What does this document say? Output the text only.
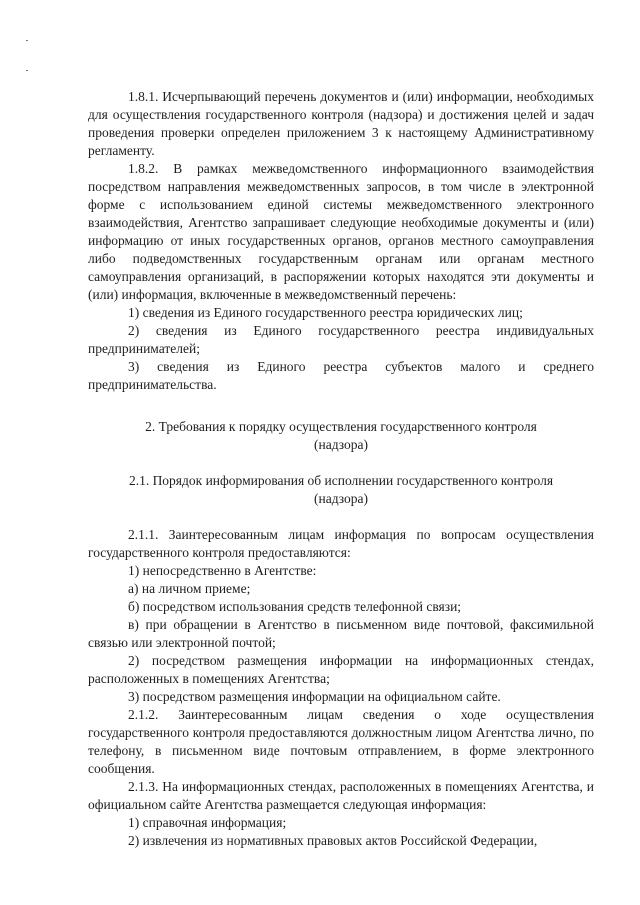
1.8.1. Исчерпывающий перечень документов и (или) информации, необходимых для осуществления государственного контроля (надзора) и достижения целей и задач проведения проверки определен приложением 3 к настоящему Административному регламенту.

1.8.2. В рамках межведомственного информационного взаимодействия посредством направления межведомственных запросов, в том числе в электронной форме с использованием единой системы межведомственного электронного взаимодействия, Агентство запрашивает следующие необходимые документы и (или) информацию от иных государственных органов, органов местного самоуправления либо подведомственных государственным органам или органам местного самоуправления организаций, в распоряжении которых находятся эти документы и (или) информация, включенные в межведомственный перечень:

1) сведения из Единого государственного реестра юридических лиц;

2) сведения из Единого государственного реестра индивидуальных предпринимателей;

3) сведения из Единого реестра субъектов малого и среднего предпринимательства.

2. Требования к порядку осуществления государственного контроля

(надзора)

2.1. Порядок информирования об исполнении государственного контроля

(надзора)

2.1.1. Заинтересованным лицам информация по вопросам осуществления государственного контроля предоставляются:

1) непосредственно в Агентстве:

а) на личном приеме;

б) посредством использования средств телефонной связи;

в) при обращении в Агентство в письменном виде почтовой, факсимильной связью или электронной почтой;

2) посредством размещения информации на информационных стендах, расположенных в помещениях Агентства;

3) посредством размещения информации на официальном сайте.

2.1.2. Заинтересованным лицам сведения о ходе осуществления государственного контроля предоставляются должностным лицом Агентства лично, по телефону, в письменном виде почтовым отправлением, в форме электронного сообщения.

2.1.3. На информационных стендах, расположенных в помещениях Агентства, и официальном сайте Агентства размещается следующая информация:

1) справочная информация;

2) извлечения из нормативных правовых актов Российской Федерации,
